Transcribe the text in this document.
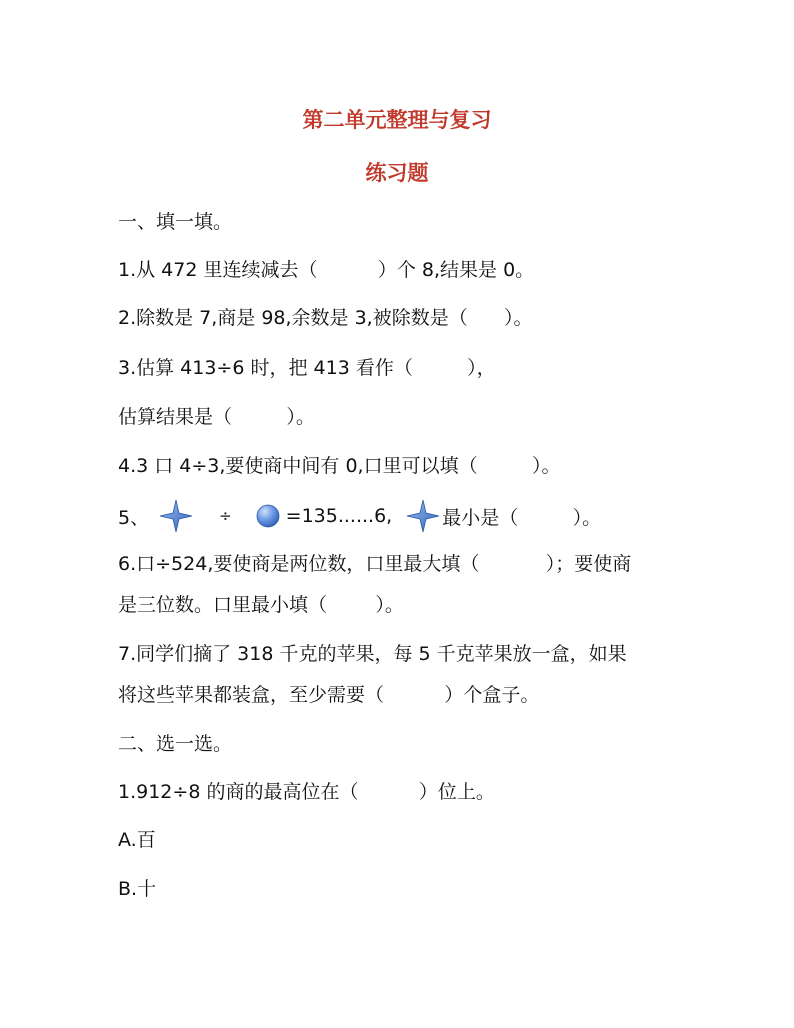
第二单元整理与复习
练习题
一、填一填。
1.从 472 里连续减去（          ）个 8,结果是 0。
2.除数是 7,商是 98,余数是 3,被除数是（      ）。
3.估算 413÷6 时，把 413 看作（         ），
估算结果是（         ）。
4.3 口 4÷3,要使商中间有 0,口里可以填（         ）。
5、	÷	=135......6,	最小是（         ）。
6.口÷524,要使商是两位数，口里最大填（           ）；要使商
是三位数。口里最小填（        ）。
7.同学们摘了 318 千克的苹果，每 5 千克苹果放一盒，如果
将这些苹果都装盒，至少需要（          ）个盒子。
二、选一选。
1.912÷8 的商的最高位在（          ）位上。
A.百
B.十
